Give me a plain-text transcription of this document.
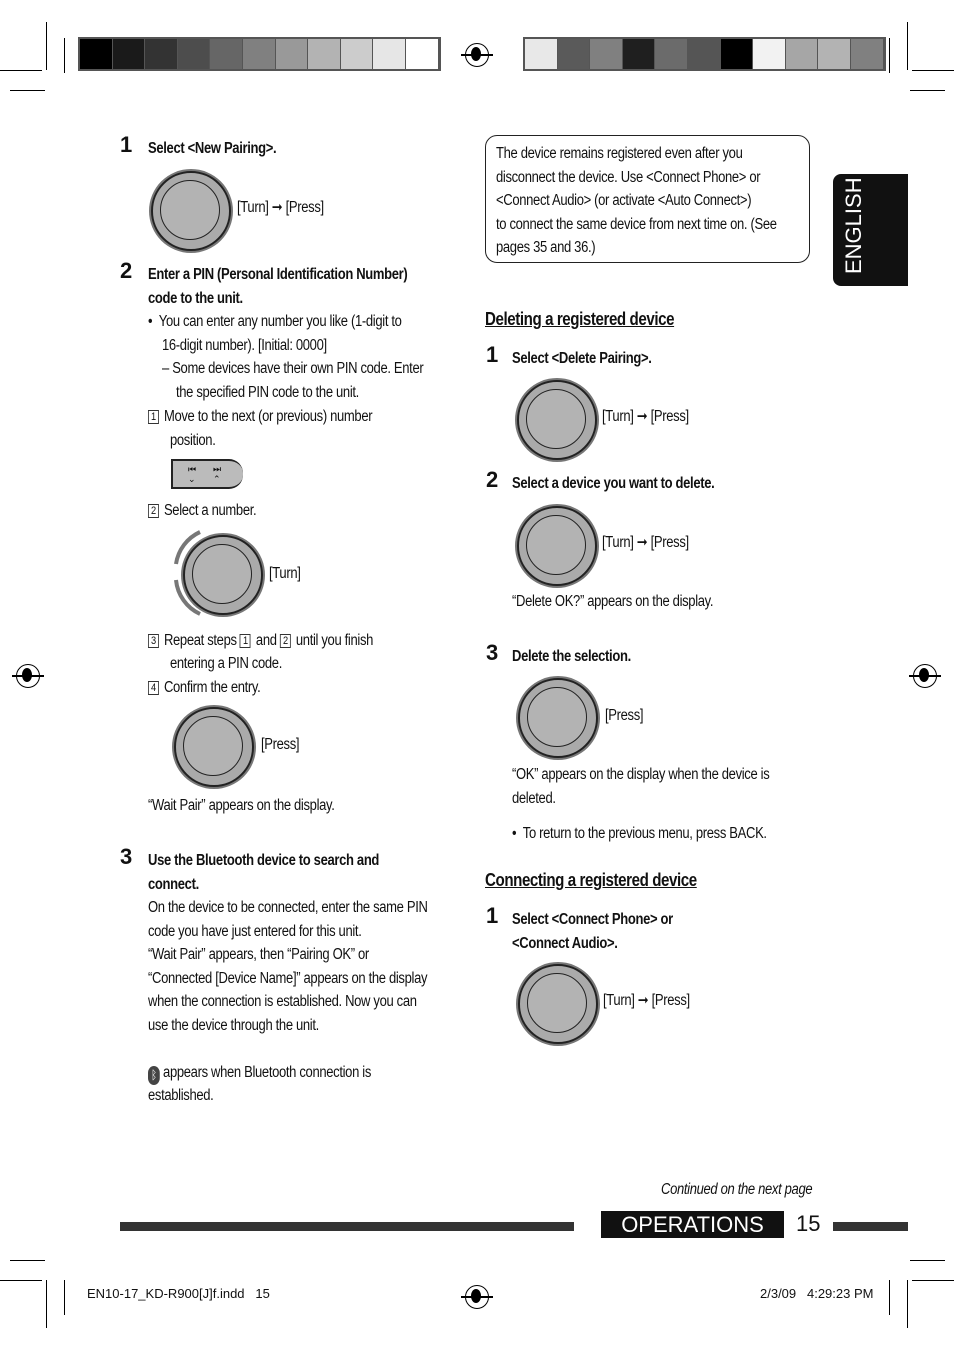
1 Select <New Pairing>.
[Turn] ➞ [Press]
2 Enter a PIN (Personal Identification Number)
code to the unit.
•  You can enter any number you like (1-digit to
16-digit number). [Initial: 0000]
– Some devices have their own PIN code. Enter
the specified PIN code to the unit.
1 Move to the next (or previous) number
position.
⏮
⌄
⏭
⌃
2 Select a number.
[Turn]
3 Repeat steps 1 and 2 until you finish
entering a PIN code.
4 Confirm the entry.
[Press]
“Wait Pair” appears on the display.
3 Use the Bluetooth device to search and
connect.
On the device to be connected, enter the same PIN
code you have just entered for this unit.
“Wait Pair” appears, then “Pairing OK” or
“Connected [Device Name]” appears on the display
when the connection is established. Now you can
use the device through the unit.
ᛒ appears when Bluetooth connection is
established.
The device remains registered even after you
disconnect the device. Use <Connect Phone> or
<Connect Audio> (or activate <Auto Connect>)
to connect the same device from next time on. (See
pages 35 and 36.)
Deleting a registered device
1 Select <Delete Pairing>.
[Turn] ➞ [Press]
2 Select a device you want to delete.
[Turn] ➞ [Press]
“Delete OK?” appears on the display.
3 Delete the selection.
[Press]
“OK” appears on the display when the device is
deleted.
•  To return to the previous menu, press BACK.
Connecting a registered device
1 Select <Connect Phone> or
<Connect Audio>.
[Turn] ➞ [Press]
ENGLISH
Continued on the next page
OPERATIONS	15
EN10-17_KD-R900[J]f.indd   15	2/3/09   4:29:23 PM
